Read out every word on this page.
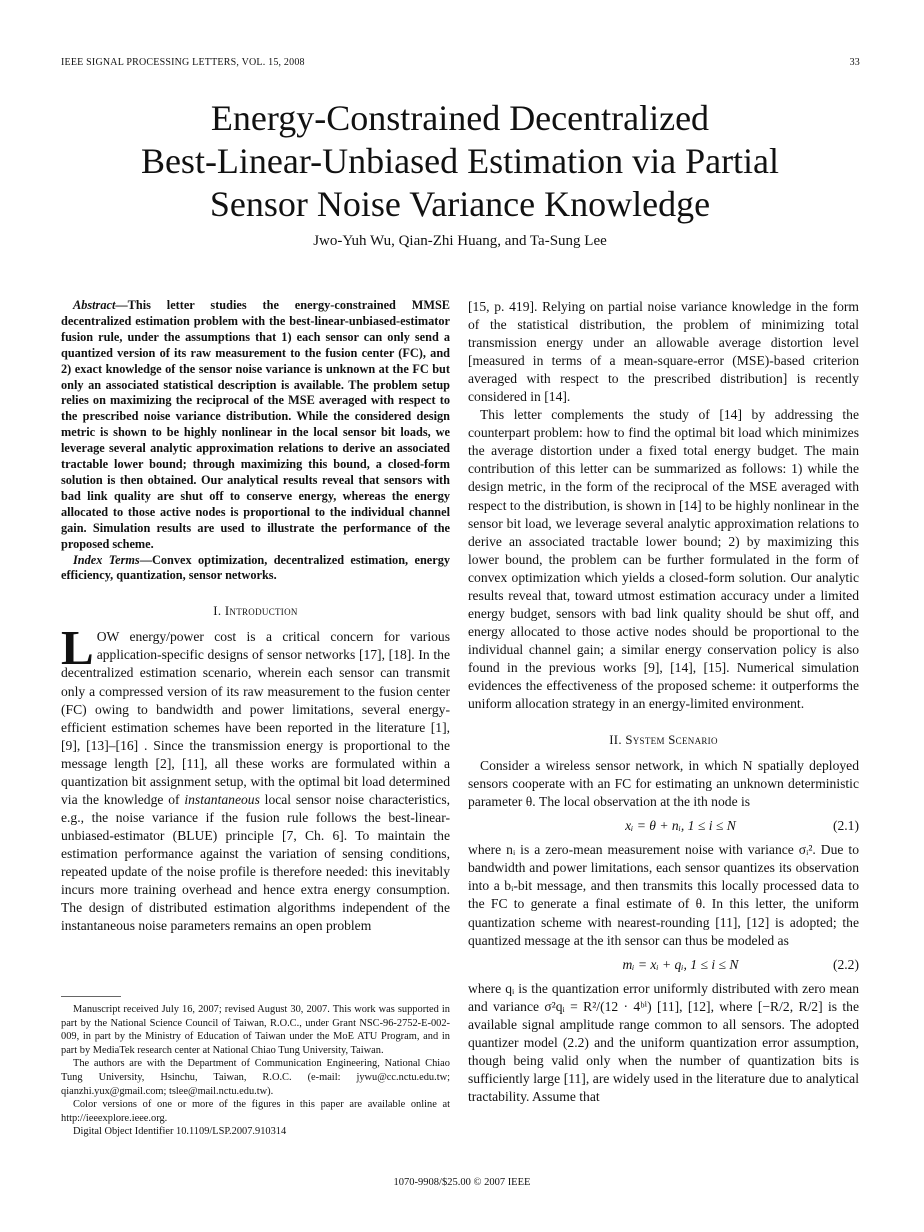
IEEE SIGNAL PROCESSING LETTERS, VOL. 15, 2008	33
Energy-Constrained Decentralized
Best-Linear-Unbiased Estimation via Partial
Sensor Noise Variance Knowledge
Jwo-Yuh Wu, Qian-Zhi Huang, and Ta-Sung Lee

Abstract—This letter studies the energy-constrained MMSE decentralized estimation problem with the best-linear-unbiased-estimator fusion rule, under the assumptions that 1) each sensor can only send a quantized version of its raw measurement to the fusion center (FC), and 2) exact knowledge of the sensor noise variance is unknown at the FC but only an associated statistical description is available. The problem setup relies on maximizing the reciprocal of the MSE averaged with respect to the prescribed noise variance distribution. While the considered design metric is shown to be highly nonlinear in the local sensor bit loads, we leverage several analytic approximation relations to derive an associated tractable lower bound; through maximizing this bound, a closed-form solution is then obtained. Our analytical results reveal that sensors with bad link quality are shut off to conserve energy, whereas the energy allocated to those active nodes is proportional to the individual channel gain. Simulation results are used to illustrate the performance of the proposed scheme.

Index Terms—Convex optimization, decentralized estimation, energy efficiency, quantization, sensor networks.

I. Introduction

LOW energy/power cost is a critical concern for various application-specific designs of sensor networks [17], [18]. In the decentralized estimation scenario, wherein each sensor can transmit only a compressed version of its raw measurement to the fusion center (FC) owing to bandwidth and power limitations, several energy-efficient estimation schemes have been reported in the literature [1], [9], [13]–[16] . Since the transmission energy is proportional to the message length [2], [11], all these works are formulated within a quantization bit assignment setup, with the optimal bit load determined via the knowledge of instantaneous local sensor noise characteristics, e.g., the noise variance if the fusion rule follows the best-linear-unbiased-estimator (BLUE) principle [7, Ch. 6]. To maintain the estimation performance against the variation of sensing conditions, repeated update of the noise profile is therefore needed: this inevitably incurs more training overhead and hence extra energy consumption. The design of distributed estimation algorithms independent of the instantaneous noise parameters remains an open problem

Manuscript received July 16, 2007; revised August 30, 2007. This work was supported in part by the National Science Council of Taiwan, R.O.C., under Grant NSC-96-2752-E-002-009, in part by the Ministry of Education of Taiwan under the MoE ATU Program, and in part by MediaTek research center at National Chiao Tung University, Taiwan.

The authors are with the Department of Communication Engineering, National Chiao Tung University, Hsinchu, Taiwan, R.O.C. (e-mail: jywu@cc.nctu.edu.tw; qianzhi.yux@gmail.com; tslee@mail.nctu.edu.tw).

Color versions of one or more of the figures in this paper are available online at http://ieeexplore.ieee.org.

Digital Object Identifier 10.1109/LSP.2007.910314

[15, p. 419]. Relying on partial noise variance knowledge in the form of the statistical distribution, the problem of minimizing total transmission energy under an allowable average distortion level [measured in terms of a mean-square-error (MSE)-based criterion averaged with respect to the prescribed distribution] is recently considered in [14].

This letter complements the study of [14] by addressing the counterpart problem: how to find the optimal bit load which minimizes the average distortion under a fixed total energy budget. The main contribution of this letter can be summarized as follows: 1) while the design metric, in the form of the reciprocal of the MSE averaged with respect to the distribution, is shown in [14] to be highly nonlinear in the sensor bit load, we leverage several analytic approximation relations to derive an associated tractable lower bound; 2) by maximizing this lower bound, the problem can be further formulated in the form of convex optimization which yields a closed-form solution. Our analytic results reveal that, toward utmost estimation accuracy under a limited energy budget, sensors with bad link quality should be shut off, and energy allocated to those active nodes should be proportional to the individual channel gain; a similar energy conservation policy is also found in the previous works [9], [14], [15]. Numerical simulation evidences the effectiveness of the proposed scheme: it outperforms the uniform allocation strategy in an energy-limited environment.

II. System Scenario

Consider a wireless sensor network, in which N spatially deployed sensors cooperate with an FC for estimating an unknown deterministic parameter θ. The local observation at the ith node is

xᵢ = θ + nᵢ, 1 ≤ i ≤ N	(2.1)

where nᵢ is a zero-mean measurement noise with variance σᵢ². Due to bandwidth and power limitations, each sensor quantizes its observation into a bᵢ-bit message, and then transmits this locally processed data to the FC to generate a final estimate of θ. In this letter, the uniform quantization scheme with nearest-rounding [11], [12] is adopted; the quantized message at the ith sensor can thus be modeled as

mᵢ = xᵢ + qᵢ, 1 ≤ i ≤ N	(2.2)

where qᵢ is the quantization error uniformly distributed with zero mean and variance σ²qᵢ = R²/(12 · 4ᵇⁱ) [11], [12], where [−R/2, R/2] is the available signal amplitude range common to all sensors. The adopted quantizer model (2.2) and the uniform quantization error assumption, though being valid only when the number of quantization bits is sufficiently large [11], are widely used in the literature due to analytical tractability. Assume that

1070-9908/$25.00 © 2007 IEEE
